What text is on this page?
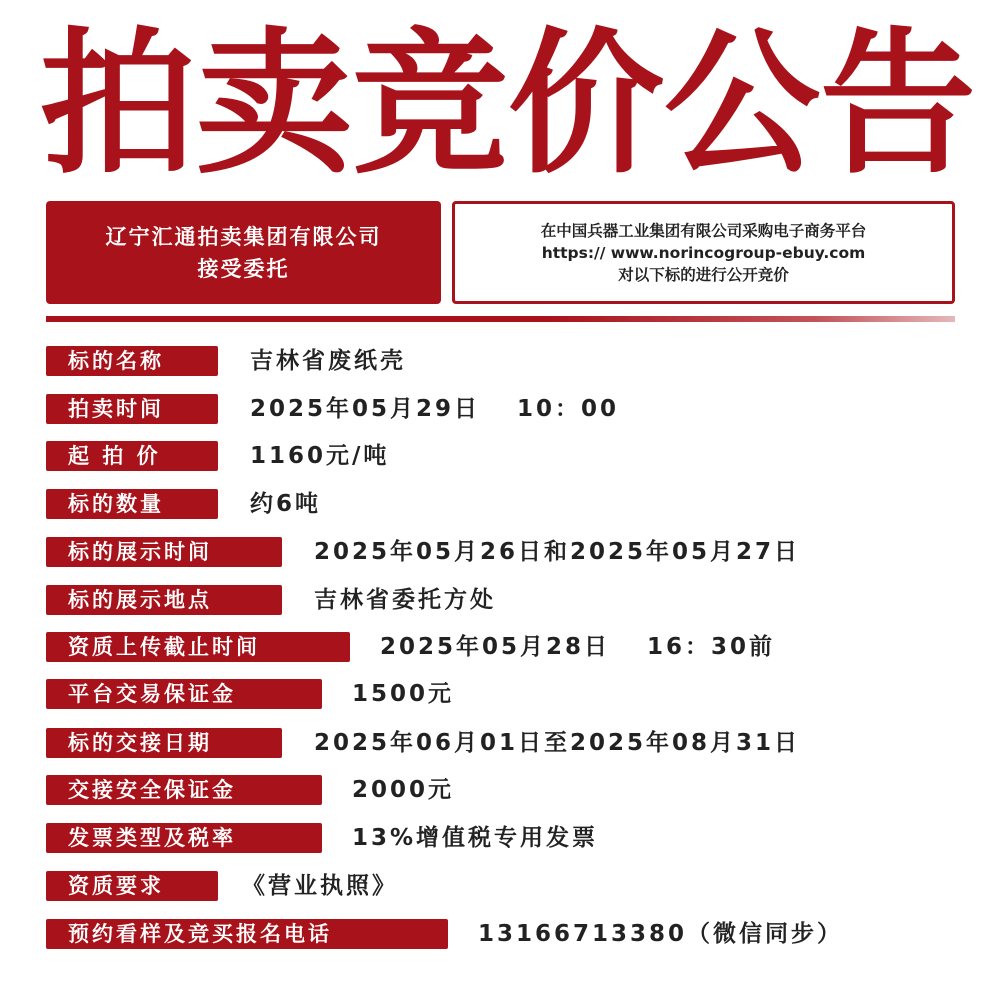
拍 卖 竞 价 公 告
辽宁汇通拍卖集团有限公司
接受委托
在中国兵器工业集团有限公司采购电子商务平台
https:// www.norincogroup-ebuy.com
对以下标的进行公开竞价
标的名称	吉林省废纸壳
拍卖时间	2025年05月29日　 10：00
起 拍 价	1160元/吨
标的数量	约6吨
标的展示时间	2025年05月26日和2025年05月27日
标的展示地点	吉林省委托方处
资质上传截止时间	2025年05月28日　 16：30前
平台交易保证金	1500元
标的交接日期	2025年06月01日至2025年08月31日
交接安全保证金	2000元
发票类型及税率	13%增值税专用发票
资质要求	《营业执照》
预约看样及竞买报名电话	13166713380（微信同步）
